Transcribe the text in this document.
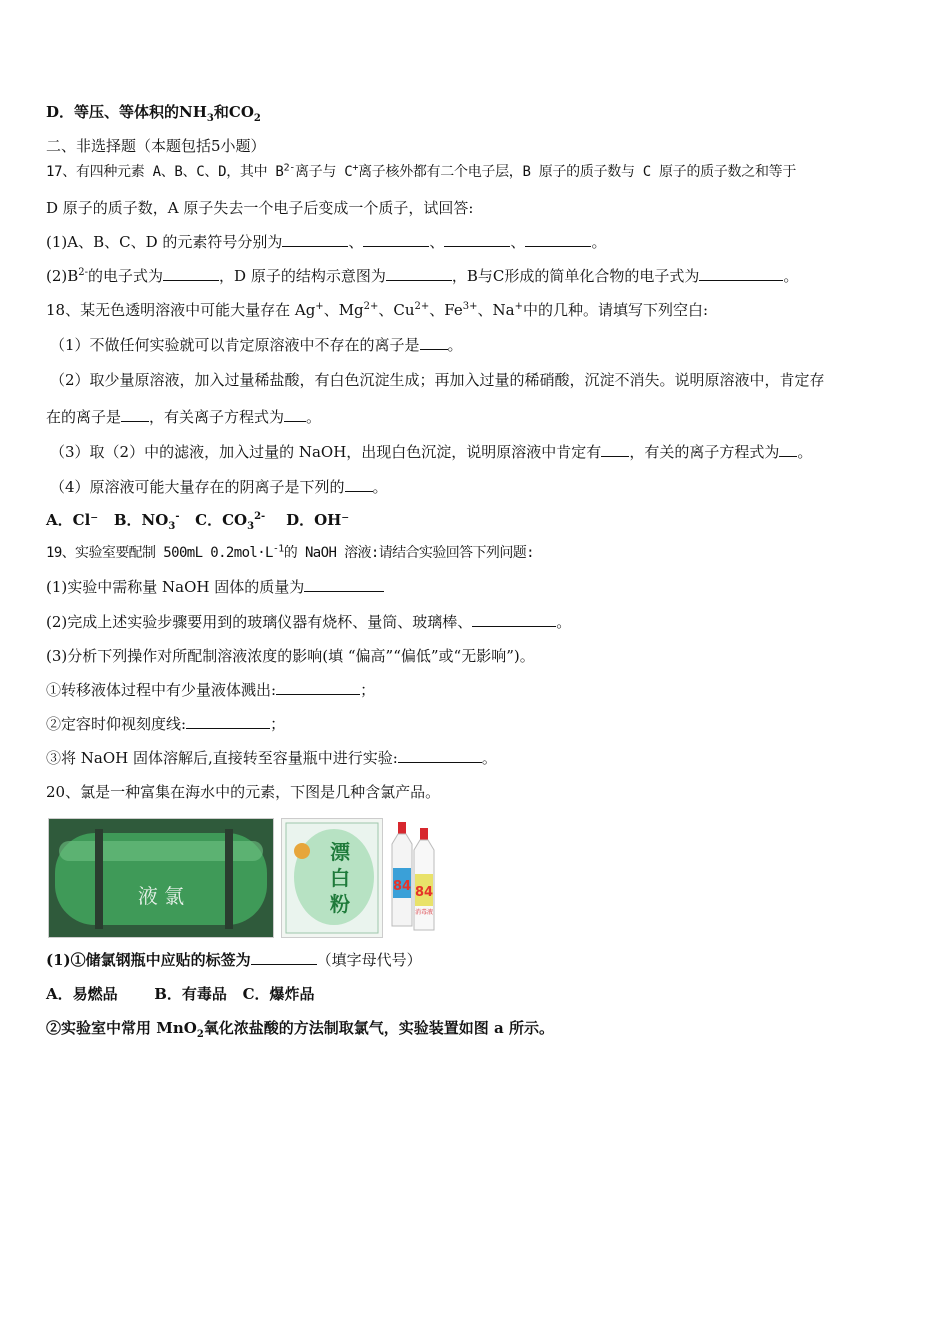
D．等压、等体积的$NH_3$和$CO_2$
二、非选择题（本题包括5小题）
17、有四种元素 A、B、C、D，其中 $B^{2-}$离子与 C+离子核外都有二个电子层，B 原子的质子数与 C 原子的质子数之和等于
D 原子的质子数，A 原子失去一个电子后变成一个质子，试回答:
(1)A、B、C、D 的元素符号分别为	、	、	、	。
$(2)B^{2-}$的电子式为	，D 原子的结构示意图为	，B与C形成的简单化合物的电子式为	。
18、某无色透明溶液中可能大量存在 Ag+、$Mg^{2+}$、$Cu^{2+}$、$Fe^{3+}$、Na+中的几种。请填写下列空白:
（1）不做任何实验就可以肯定原溶液中不存在的离子是 。
（2）取少量原溶液，加入过量稀盐酸，有白色沉淀生成；再加入过量的稀硝酸，沉淀不消失。说明原溶液中，肯定存
在的离子是 ，有关离子方程式为 。
（3）取（2）中的滤液，加入过量的 NaOH，出现白色沉淀，说明原溶液中肯定有 ，有关的离子方程式为 。
（4）原溶液可能大量存在的阴离子是下列的 。
A．Cl⁻ B．$NO_3^-$ C．$CO_3^{2-}$ D．OH⁻
19、实验室要配制 500mL $0.2mol\cdot L^{-1}$的 NaOH 溶液:请结合实验回答下列问题:
(1)实验中需称量 NaOH 固体的质量为
(2)完成上述实验步骤要用到的玻璃仪器有烧杯、量筒、玻璃棒、	。
(3)分析下列操作对所配制溶液浓度的影响(填 “偏高”“偏低”或“无影响”)。
①转移液体过程中有少量液体溅出:	；
②定容时仰视刻度线:	；
③将 NaOH 固体溶解后,直接转至容量瓶中进行实验:	。
20、氯是一种富集在海水中的元素，下图是几种含氯产品。
液 氯
漂
白
粉
84 84
消毒液
(1)①储氯钢瓶中应贴的标签为	（填字母代号）
A．易燃品 B．有毒品 C．爆炸品
②实验室中常用 MnO$_2$氧化浓盐酸的方法制取氯气，实验装置如图 a 所示。
